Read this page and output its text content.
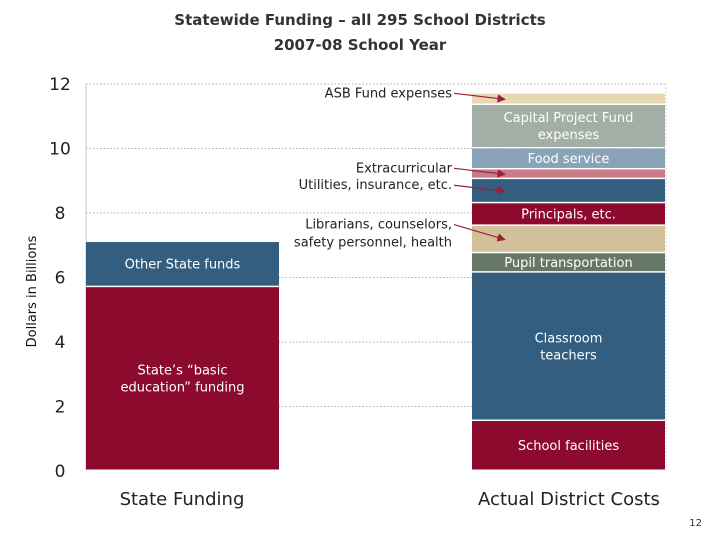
Statewide Funding – all 295 School Districts
2007-08 School Year
0
2
4
6
8
10
12
Dollars in Billions
State’s “basic
education” funding
Other State funds
School facilities
Classroom
teachers
Pupil transportation
Librarians, counselors,
safety personnel, health
Principals, etc.
Utilities, insurance, etc.
Extracurricular
Food service
Capital Project Fund
expenses
ASB Fund expenses
State Funding	Actual District Costs
12
